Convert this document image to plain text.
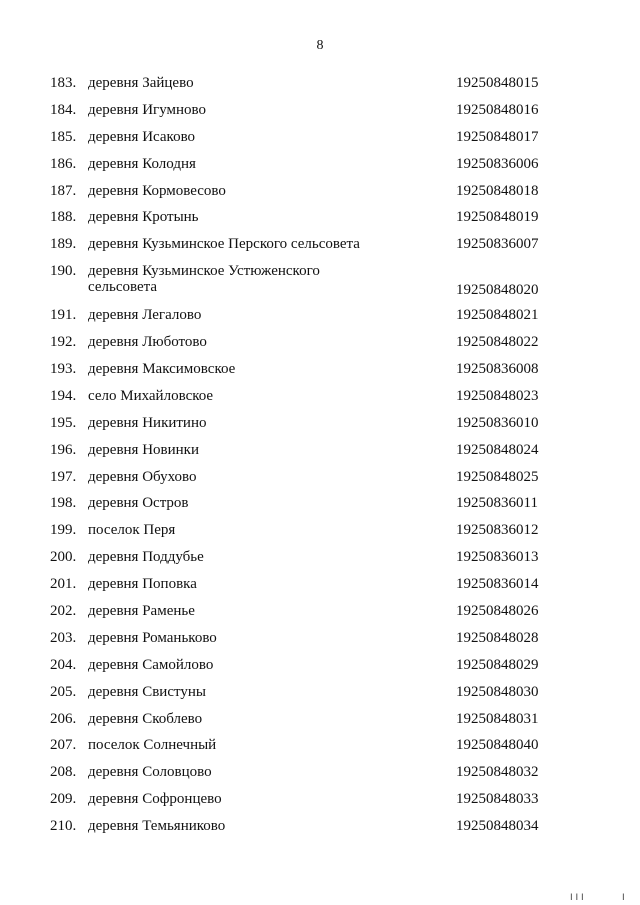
8
183. деревня Зайцево	19250848015
184. деревня Игумново	19250848016
185. деревня Исаково	19250848017
186. деревня Колодня	19250836006
187. деревня Кормовесово	19250848018
188. деревня Кротынь	19250848019
189. деревня Кузьминское Перского сельсовета	19250836007
190. деревня Кузьминское Устюженского сельсовета	19250848020
191. деревня Легалово	19250848021
192. деревня Люботово	19250848022
193. деревня Максимовское	19250836008
194. село Михайловское	19250848023
195. деревня Никитино	19250836010
196. деревня Новинки	19250848024
197. деревня Обухово	19250848025
198. деревня Остров	19250836011
199. поселок Перя	19250836012
200. деревня Поддубье	19250836013
201. деревня Поповка	19250836014
202. деревня Раменье	19250848026
203. деревня Романьково	19250848028
204. деревня Самойлово	19250848029
205. деревня Свистуны	19250848030
206. деревня Скоблево	19250848031
207. поселок Солнечный	19250848040
208. деревня Соловцово	19250848032
209. деревня Софронцево	19250848033
210. деревня Темьяниково	19250848034
I I I	I
